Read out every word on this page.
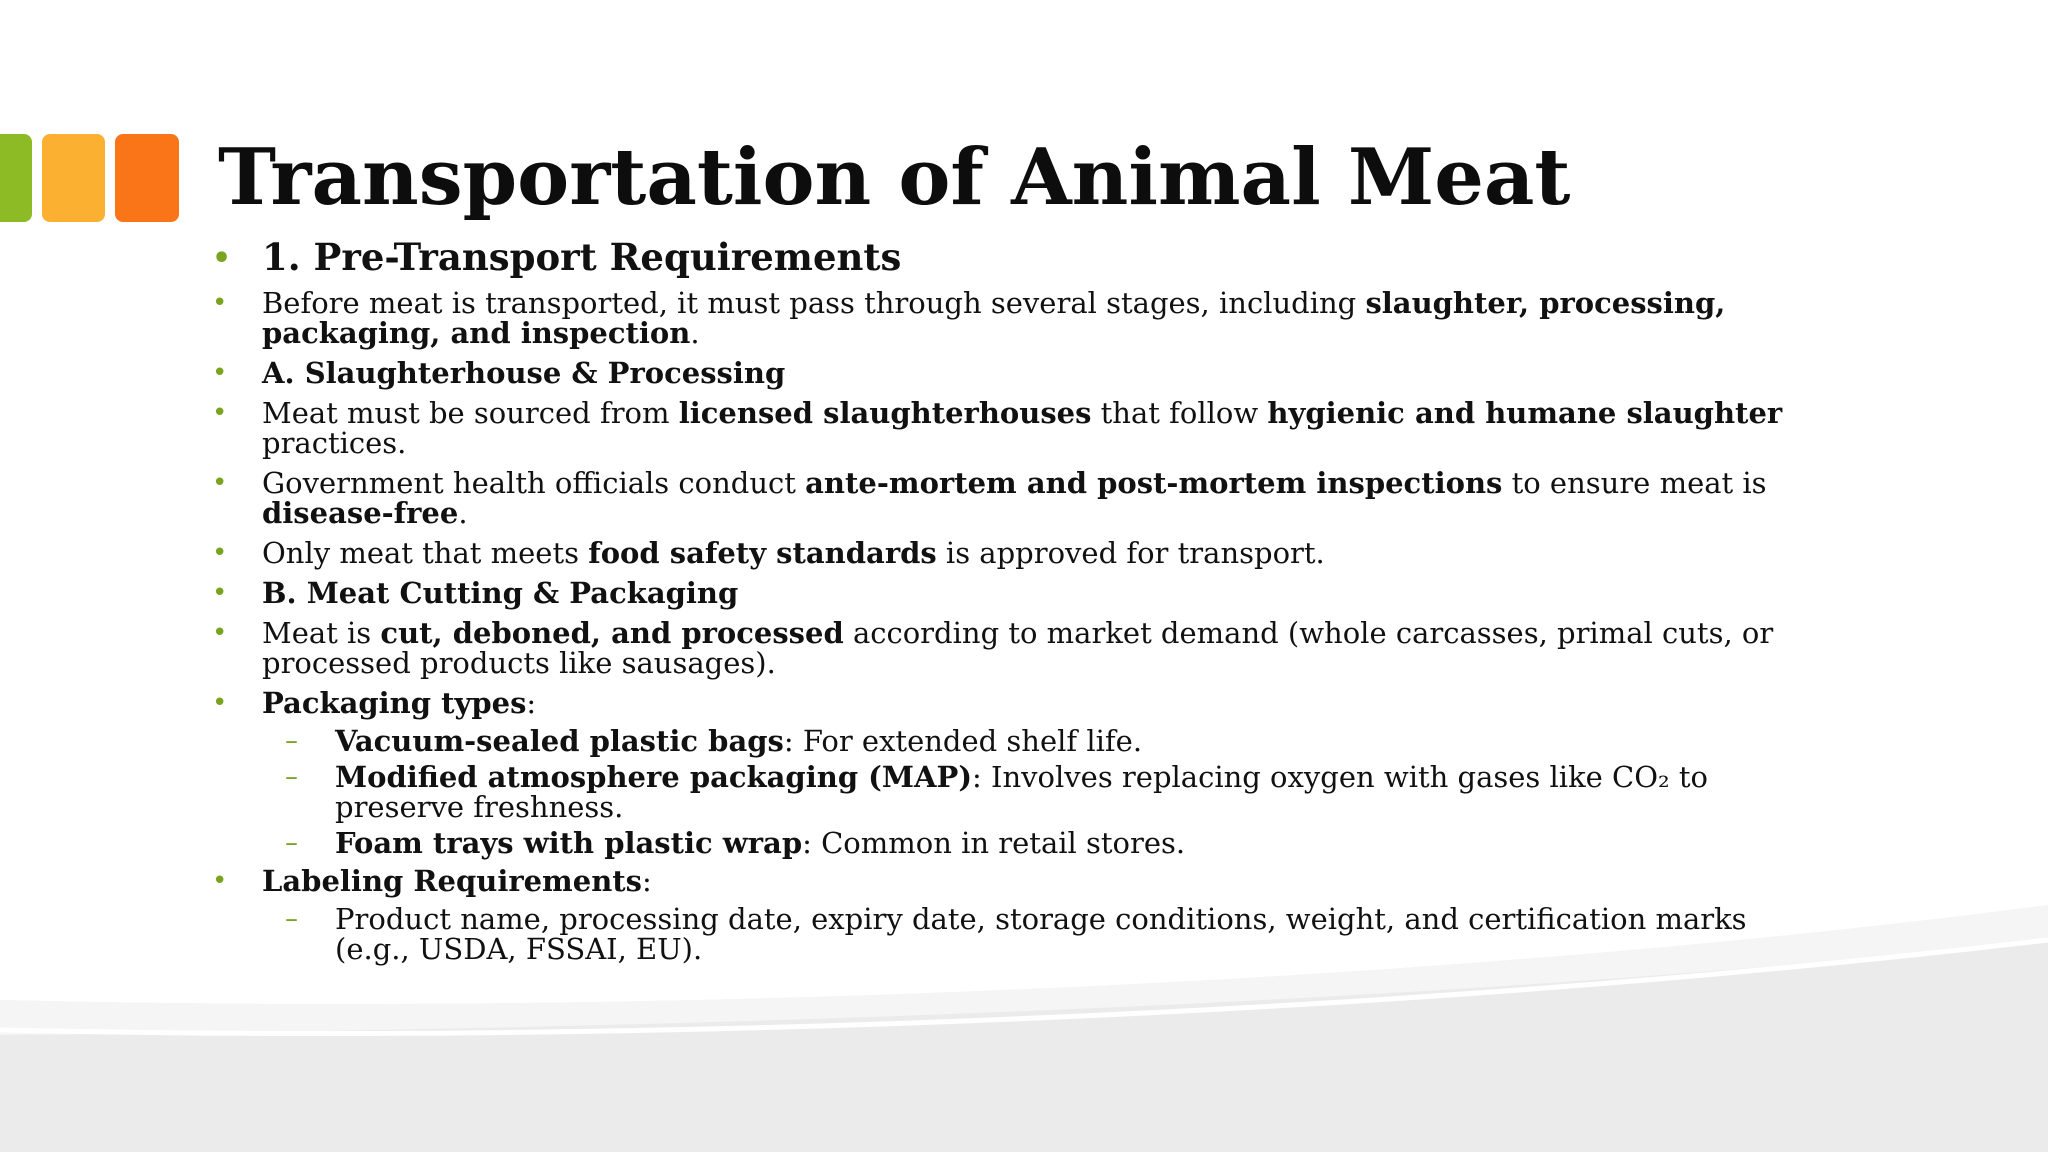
Transportation of Animal Meat
• 1. Pre-Transport Requirements
• Before meat is transported, it must pass through several stages, including slaughter, processing, packaging, and inspection.
• A. Slaughterhouse & Processing
• Meat must be sourced from licensed slaughterhouses that follow hygienic and humane slaughter practices.
• Government health officials conduct ante-mortem and post-mortem inspections to ensure meat is disease-free.
• Only meat that meets food safety standards is approved for transport.
• B. Meat Cutting & Packaging
• Meat is cut, deboned, and processed according to market demand (whole carcasses, primal cuts, or processed products like sausages).
• Packaging types:
– Vacuum-sealed plastic bags: For extended shelf life.
– Modified atmosphere packaging (MAP): Involves replacing oxygen with gases like CO₂ to preserve freshness.
– Foam trays with plastic wrap: Common in retail stores.
• Labeling Requirements:
– Product name, processing date, expiry date, storage conditions, weight, and certification marks (e.g., USDA, FSSAI, EU).
